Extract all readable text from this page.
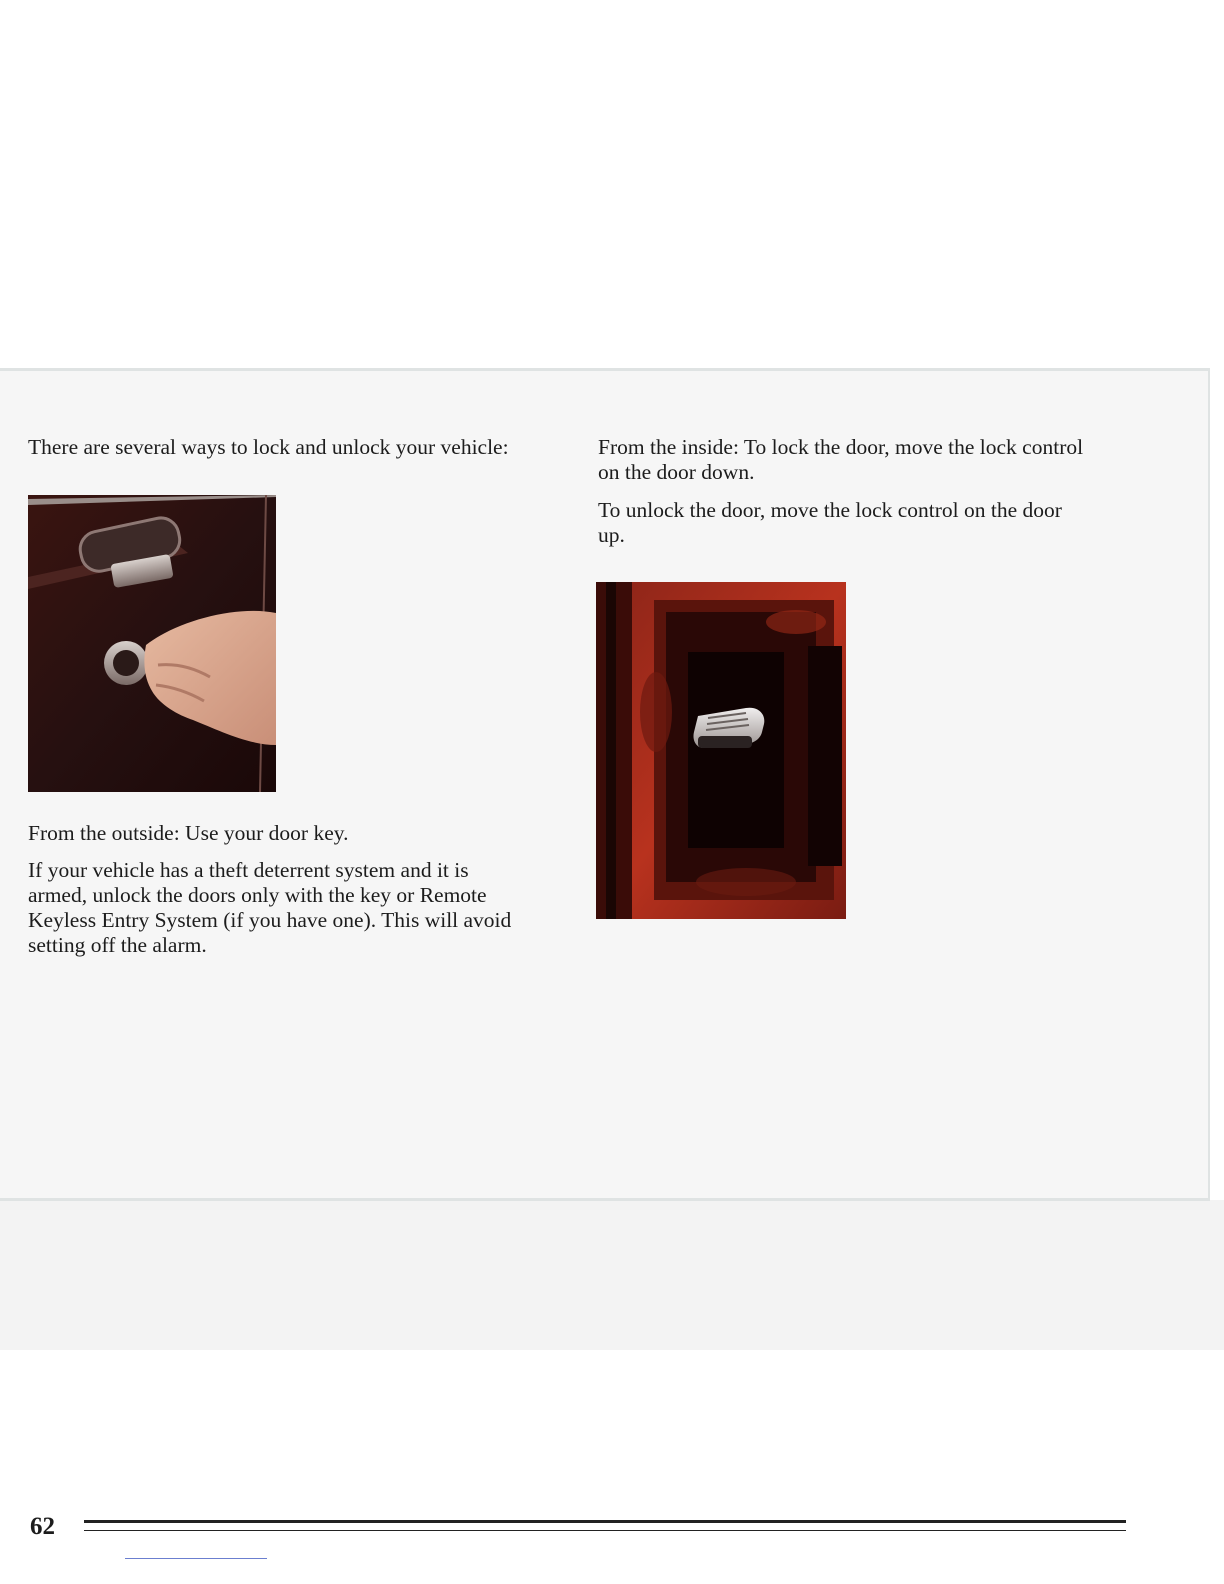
There are several ways to lock and unlock your vehicle:

From the outside: Use your door key.

If your vehicle has a theft deterrent system and it is
armed, unlock the doors only with the key or Remote
Keyless Entry System (if you have one). This will avoid
setting off the alarm.
From the inside: To lock the door, move the lock control
on the door down.
To unlock the door, move the lock control on the door
up.
62
